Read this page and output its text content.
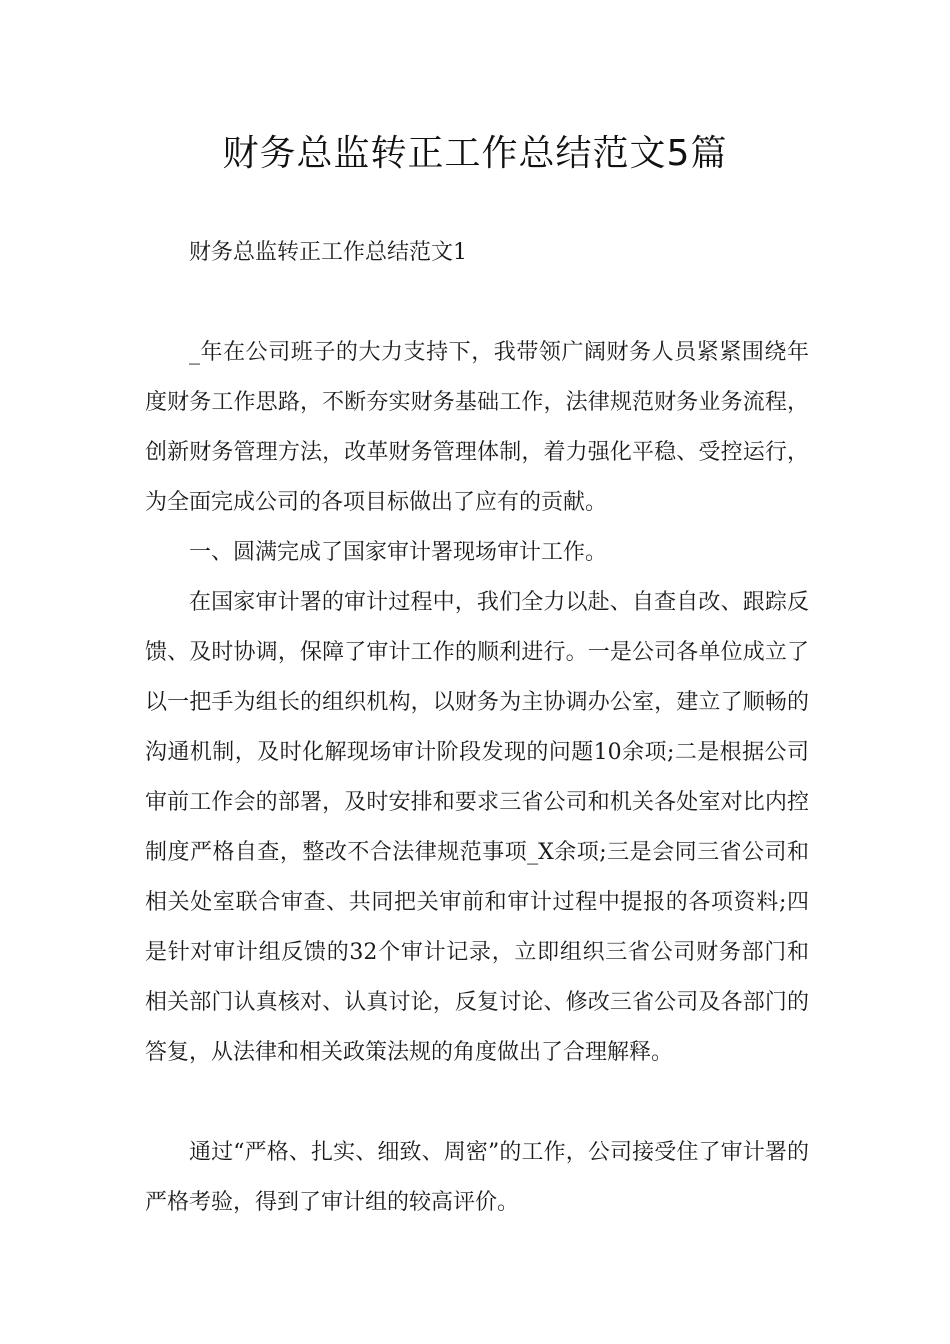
财务总监转正工作总结范文5篇

财务总监转正工作总结范文1

_年在公司班子的大力支持下，我带领广阔财务人员紧紧围绕年度财务工作思路，不断夯实财务基础工作，法律规范财务业务流程，创新财务管理方法，改革财务管理体制，着力强化平稳、受控运行，为全面完成公司的各项目标做出了应有的贡献。

一、圆满完成了国家审计署现场审计工作。

在国家审计署的审计过程中，我们全力以赴、自查自改、跟踪反馈、及时协调，保障了审计工作的顺利进行。一是公司各单位成立了以一把手为组长的组织机构，以财务为主协调办公室，建立了顺畅的沟通机制，及时化解现场审计阶段发现的问题10余项;二是根据公司审前工作会的部署，及时安排和要求三省公司和机关各处室对比内控制度严格自查，整改不合法律规范事项_X余项;三是会同三省公司和相关处室联合审查、共同把关审前和审计过程中提报的各项资料;四是针对审计组反馈的32个审计记录，立即组织三省公司财务部门和相关部门认真核对、认真讨论，反复讨论、修改三省公司及各部门的答复，从法律和相关政策法规的角度做出了合理解释。

通过“严格、扎实、细致、周密”的工作，公司接受住了审计署的严格考验，得到了审计组的较高评价。
